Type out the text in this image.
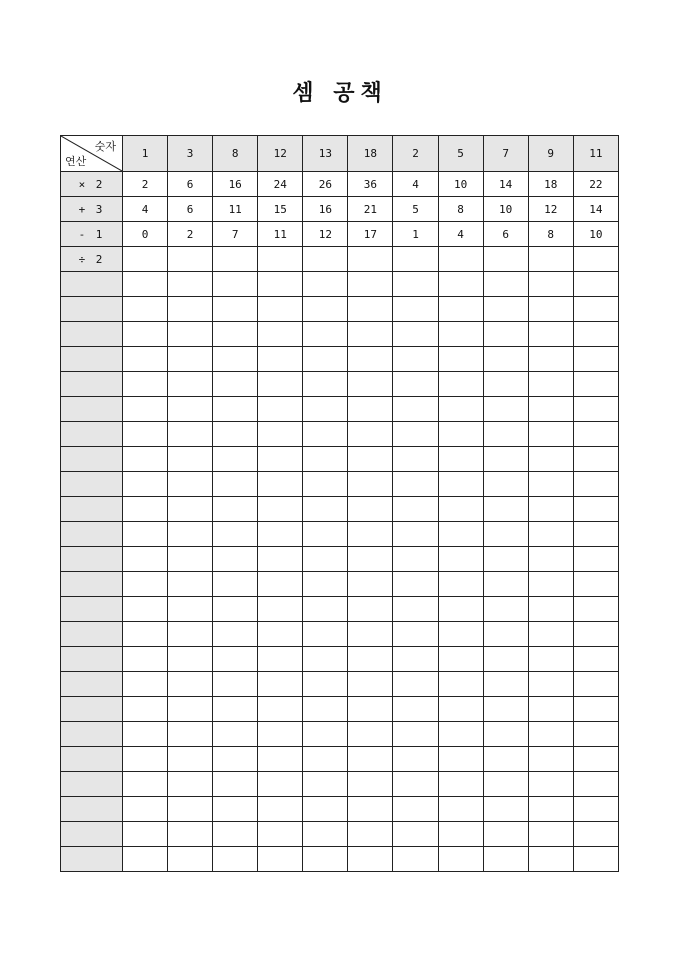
셈 공책
숫자
연산	1	3	8	12	13	18	2	5	7	9	11
× 2	2	6	16	24	26	36	4	10	14	18	22
+ 3	4	6	11	15	16	21	5	8	10	12	14
- 1	0	2	7	11	12	17	1	4	6	8	10
÷ 2											
